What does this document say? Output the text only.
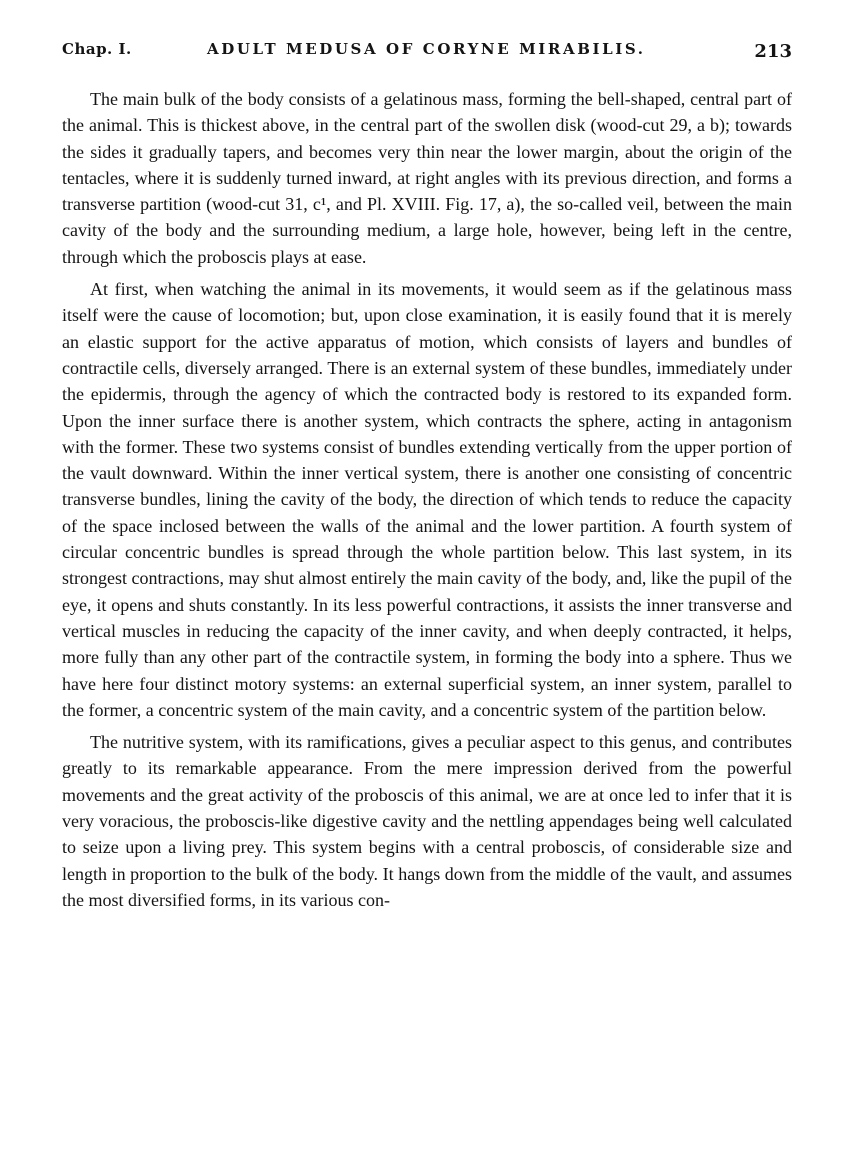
Chap. I.	ADULT MEDUSA OF CORYNE MIRABILIS.	213

The main bulk of the body consists of a gelatinous mass, forming the bell-shaped, central part of the animal. This is thickest above, in the central part of the swollen disk (wood-cut 29, a b); towards the sides it gradually tapers, and becomes very thin near the lower margin, about the origin of the tentacles, where it is suddenly turned inward, at right angles with its previous direction, and forms a transverse partition (wood-cut 31, c¹, and Pl. XVIII. Fig. 17, a), the so-called veil, between the main cavity of the body and the surrounding medium, a large hole, however, being left in the centre, through which the proboscis plays at ease.

At first, when watching the animal in its movements, it would seem as if the gelatinous mass itself were the cause of locomotion; but, upon close examination, it is easily found that it is merely an elastic support for the active apparatus of motion, which consists of layers and bundles of contractile cells, diversely arranged. There is an external system of these bundles, immediately under the epidermis, through the agency of which the contracted body is restored to its expanded form. Upon the inner surface there is another system, which contracts the sphere, acting in antagonism with the former. These two systems consist of bundles extending vertically from the upper portion of the vault downward. Within the inner vertical system, there is another one consisting of concentric transverse bundles, lining the cavity of the body, the direction of which tends to reduce the capacity of the space inclosed between the walls of the animal and the lower partition. A fourth system of circular concentric bundles is spread through the whole partition below. This last system, in its strongest contractions, may shut almost entirely the main cavity of the body, and, like the pupil of the eye, it opens and shuts constantly. In its less powerful contractions, it assists the inner transverse and vertical muscles in reducing the capacity of the inner cavity, and when deeply contracted, it helps, more fully than any other part of the contractile system, in forming the body into a sphere. Thus we have here four distinct motory systems: an external superficial system, an inner system, parallel to the former, a concentric system of the main cavity, and a concentric system of the partition below.

The nutritive system, with its ramifications, gives a peculiar aspect to this genus, and contributes greatly to its remarkable appearance. From the mere impression derived from the powerful movements and the great activity of the proboscis of this animal, we are at once led to infer that it is very voracious, the proboscis-like digestive cavity and the nettling appendages being well calculated to seize upon a living prey. This system begins with a central proboscis, of considerable size and length in proportion to the bulk of the body. It hangs down from the middle of the vault, and assumes the most diversified forms, in its various con-
